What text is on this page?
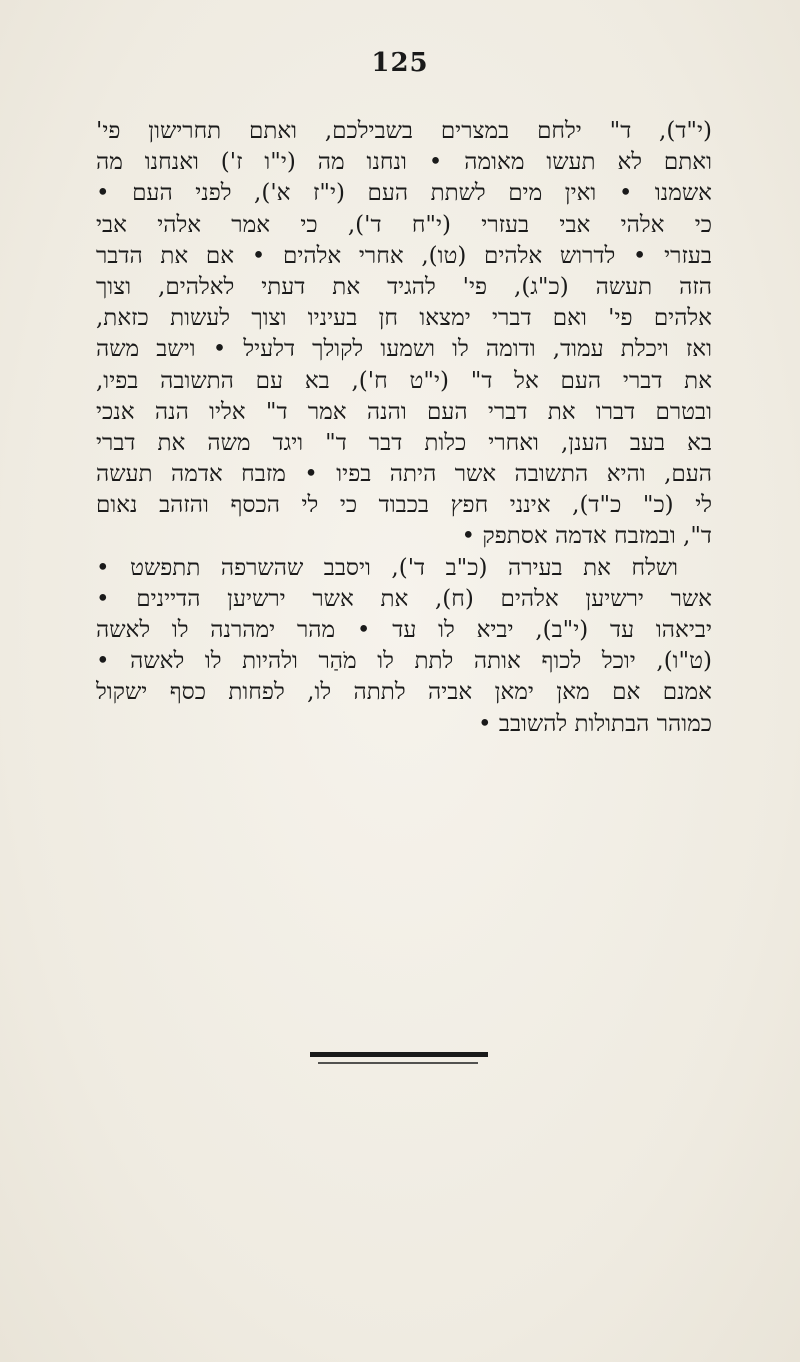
125
(י"ד), ד" ילחם במצרים בשבילכם, ואתם תחרישון פי'
ואתם לא תעשו מאומה • ונחנו מה (י"ו ז') ואנחנו מה
אשמנו • ואין מים לשתת העם (י"ז א'), לפני העם •
כי אלהי אבי בעזרי (י"ח ד'), כי אמר אלהי אבי
בעזרי • לדרוש אלהים (טו), אחרי אלהים • אם את הדבר
הזה תעשה (כ"ג), פי' להגיד את דעתי לאלהים, וצוך
אלהים פי' ואם דברי ימצאו חן בעיניו וצוך לעשות כזאת,
ואז ויכלת עמוד, ודומה לו ושמעו לקולך דלעיל • וישב משה
את דברי העם אל ד" (י"ט ח'), בא עם התשובה בפיו,
ובטרם דברו את דברי העם והנה אמר ד" אליו הנה אנכי
בא בעב הענן, ואחרי כלות דבר ד" ויגד משה את דברי
העם, והיא התשובה אשר היתה בפיו • מזבח אדמה תעשה
לי (כ" כ"ד), אינני חפץ בכבוד כי לי הכסף והזהב נאום
ד", ובמזבח אדמה אסתפק •
ושלח את בעירה (כ"ב ד'), ויסבב שהשרפה תתפשט •
אשר ירשיען אלהים (ח), את אשר ירשיען הדיינים •
יביאהו עד (י"ב), יביא לו עד • מהר ימהרנה לו לאשה
(ט"ו), יוכל לכוף אותה לתת לו מֹהַר ולהיות לו לאשה •
אמנם אם מאן ימאן אביה לתתה לו, לפחות כסף ישקול
כמוהר הבתולות להשובב •
